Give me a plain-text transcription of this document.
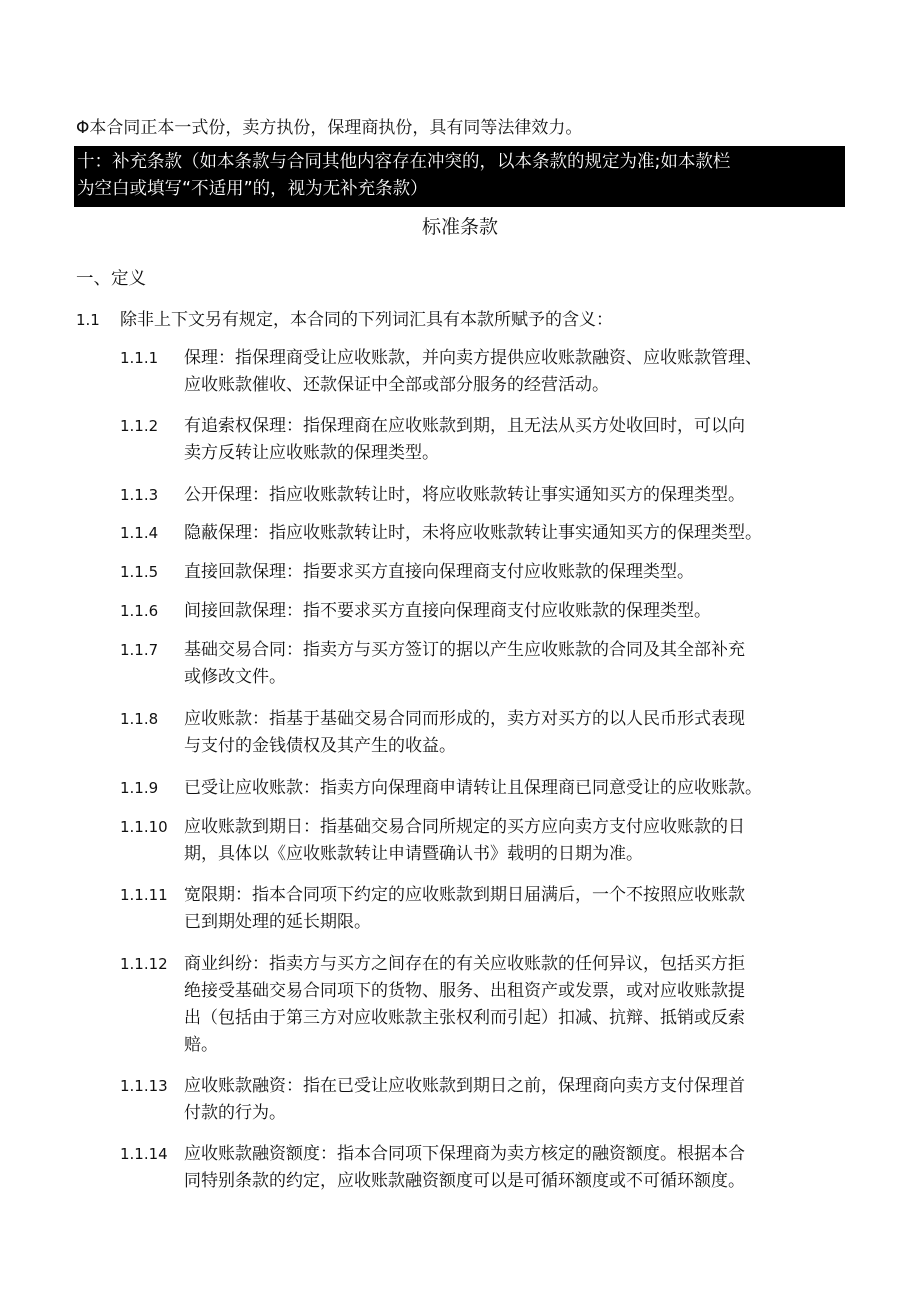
Φ本合同正本一式份，卖方执份，保理商执份，具有同等法律效力。
十：补充条款（如本条款与合同其他内容存在冲突的，以本条款的规定为准;如本款栏
为空白或填写“不适用”的，视为无补充条款）
标准条款
一、定义
1.1 除非上下文另有规定，本合同的下列词汇具有本款所赋予的含义：
1.1.1 保理：指保理商受让应收账款，并向卖方提供应收账款融资、应收账款管理、
应收账款催收、还款保证中全部或部分服务的经营活动。
1.1.2 有追索权保理：指保理商在应收账款到期，且无法从买方处收回时，可以向
卖方反转让应收账款的保理类型。
1.1.3 公开保理：指应收账款转让时，将应收账款转让事实通知买方的保理类型。
1.1.4 隐蔽保理：指应收账款转让时，未将应收账款转让事实通知买方的保理类型。
1.1.5 直接回款保理：指要求买方直接向保理商支付应收账款的保理类型。
1.1.6 间接回款保理：指不要求买方直接向保理商支付应收账款的保理类型。
1.1.7 基础交易合同：指卖方与买方签订的据以产生应收账款的合同及其全部补充
或修改文件。
1.1.8 应收账款：指基于基础交易合同而形成的，卖方对买方的以人民币形式表现
与支付的金钱债权及其产生的收益。
1.1.9 已受让应收账款：指卖方向保理商申请转让且保理商已同意受让的应收账款。
1.1.10 应收账款到期日：指基础交易合同所规定的买方应向卖方支付应收账款的日
期，具体以《应收账款转让申请暨确认书》载明的日期为准。
1.1.11 宽限期：指本合同项下约定的应收账款到期日届满后，一个不按照应收账款
已到期处理的延长期限。
1.1.12 商业纠纷：指卖方与买方之间存在的有关应收账款的任何异议，包括买方拒
绝接受基础交易合同项下的货物、服务、出租资产或发票，或对应收账款提
出（包括由于第三方对应收账款主张权利而引起）扣减、抗辩、抵销或反索
赔。
1.1.13 应收账款融资：指在已受让应收账款到期日之前，保理商向卖方支付保理首
付款的行为。
1.1.14 应收账款融资额度：指本合同项下保理商为卖方核定的融资额度。根据本合
同特别条款的约定，应收账款融资额度可以是可循环额度或不可循环额度。
